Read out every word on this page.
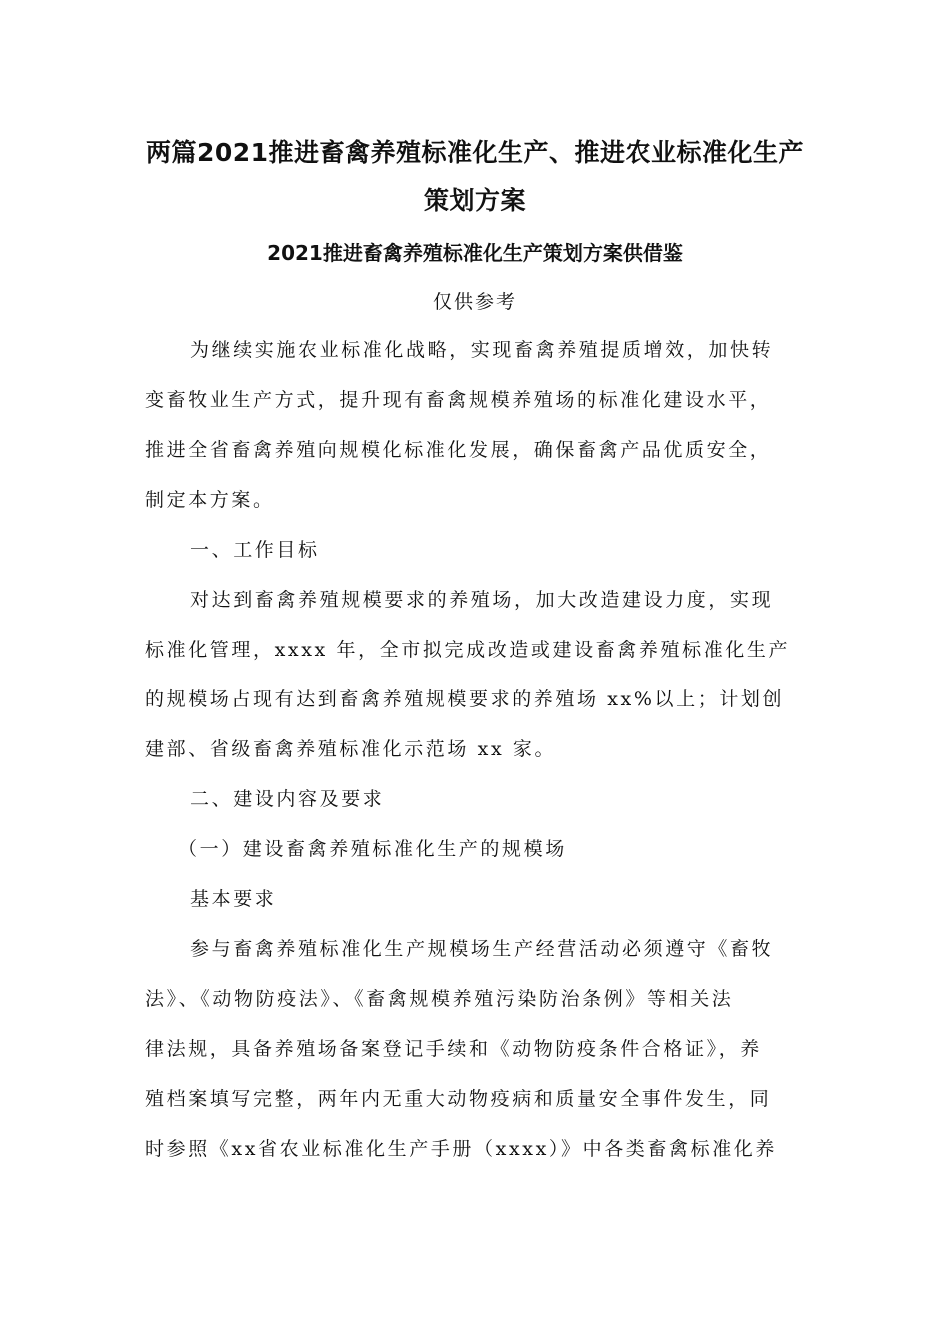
两篇2021推进畜禽养殖标准化生产、推进农业标准化生产
策划方案
2021推进畜禽养殖标准化生产策划方案供借鉴
仅供参考
为继续实施农业标准化战略，实现畜禽养殖提质增效，加快转
变畜牧业生产方式，提升现有畜禽规模养殖场的标准化建设水平，
推进全省畜禽养殖向规模化标准化发展，确保畜禽产品优质安全，
制定本方案。
一、工作目标
对达到畜禽养殖规模要求的养殖场，加大改造建设力度，实现
标准化管理，xxxx 年，全市拟完成改造或建设畜禽养殖标准化生产
的规模场占现有达到畜禽养殖规模要求的养殖场 xx%以上；计划创
建部、省级畜禽养殖标准化示范场 xx 家。
二、建设内容及要求
（一）建设畜禽养殖标准化生产的规模场
基本要求
参与畜禽养殖标准化生产规模场生产经营活动必须遵守《畜牧
法》、《动物防疫法》、《畜禽规模养殖污染防治条例》等相关法
律法规，具备养殖场备案登记手续和《动物防疫条件合格证》，养
殖档案填写完整，两年内无重大动物疫病和质量安全事件发生，同
时参照《xx省农业标准化生产手册（xxxx）》中各类畜禽标准化养
